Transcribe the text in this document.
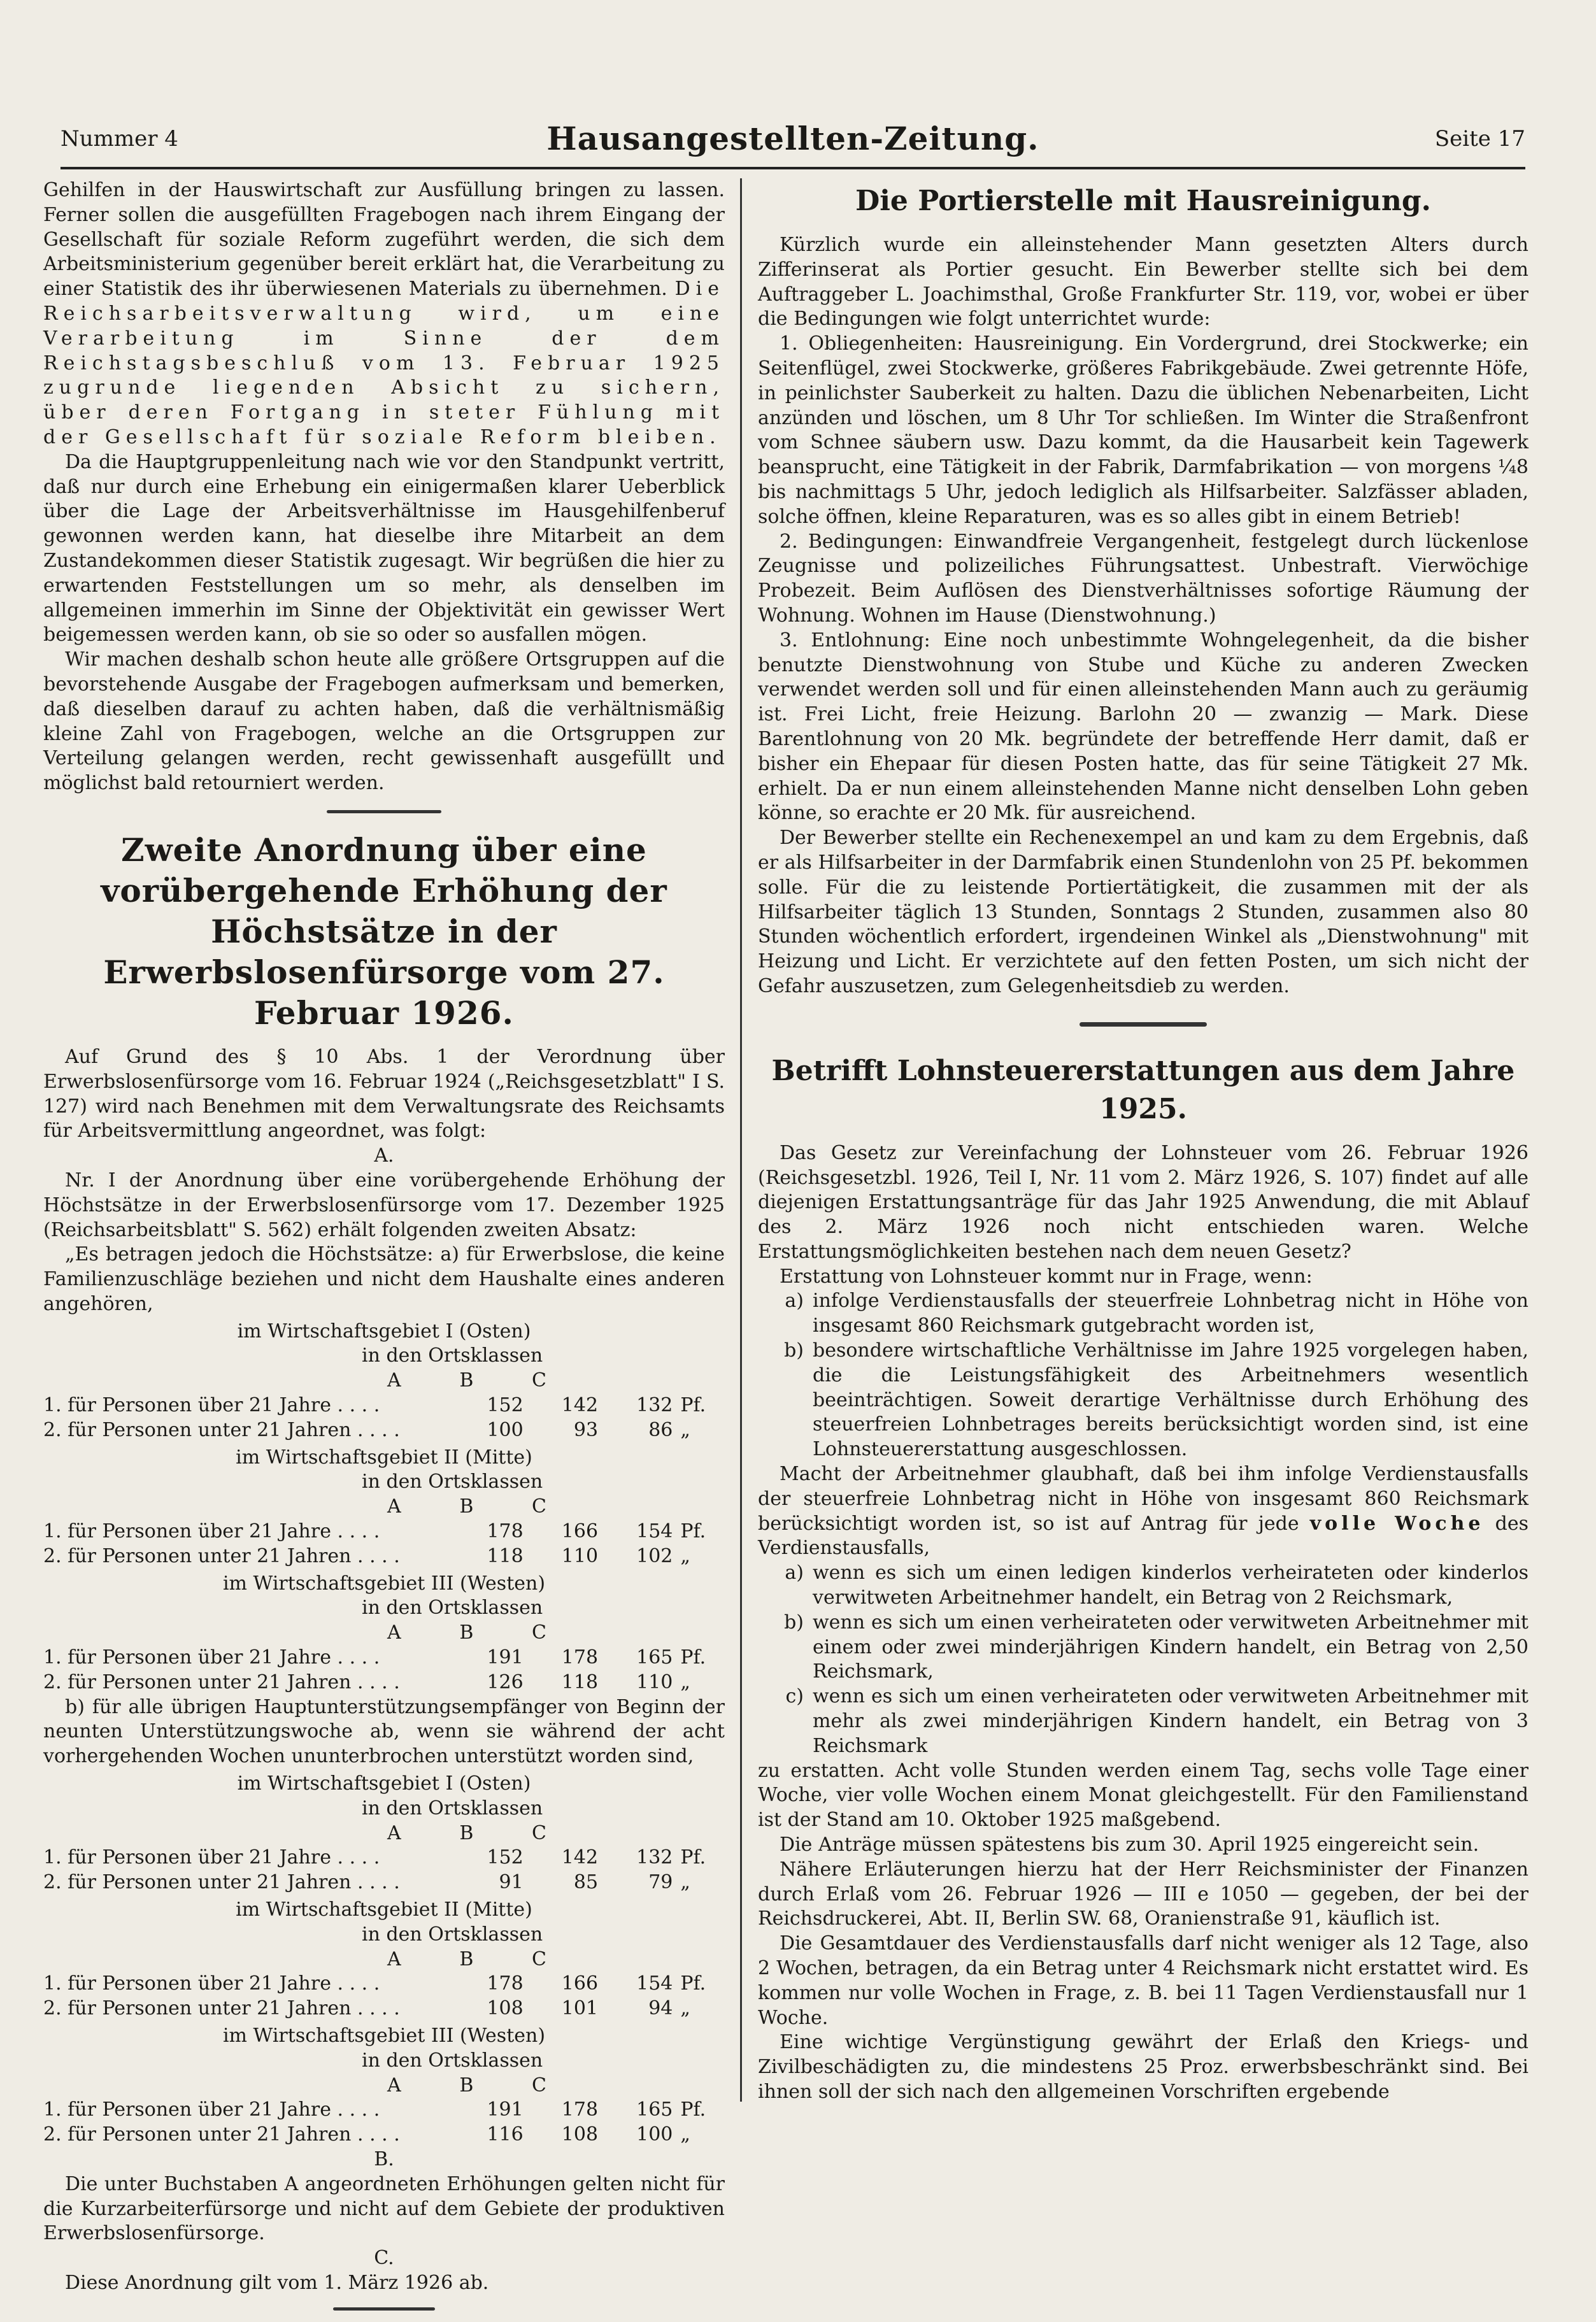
Nummer 4	Hausangestellten-Zeitung.	Seite 17

Gehilfen in der Hauswirtschaft zur Ausfüllung bringen zu lassen. Ferner sollen die ausgefüllten Fragebogen nach ihrem Eingang der Gesellschaft für soziale Reform zugeführt werden, die sich dem Arbeitsministerium gegenüber bereit erklärt hat, die Verarbeitung zu einer Statistik des ihr überwiesenen Materials zu übernehmen. Die Reichsarbeitsverwaltung wird, um eine Verarbeitung im Sinne der dem Reichstagsbeschluß vom 13. Februar 1925 zugrunde liegenden Absicht zu sichern, über deren Fortgang in steter Fühlung mit der Gesellschaft für soziale Reform bleiben.

Da die Hauptgruppenleitung nach wie vor den Standpunkt vertritt, daß nur durch eine Erhebung ein einigermaßen klarer Ueberblick über die Lage der Arbeitsverhältnisse im Hausgehilfenberuf gewonnen werden kann, hat dieselbe ihre Mitarbeit an dem Zustandekommen dieser Statistik zugesagt. Wir begrüßen die hier zu erwartenden Feststellungen um so mehr, als denselben im allgemeinen immerhin im Sinne der Objektivität ein gewisser Wert beigemessen werden kann, ob sie so oder so ausfallen mögen.

Wir machen deshalb schon heute alle größere Ortsgruppen auf die bevorstehende Ausgabe der Fragebogen aufmerksam und bemerken, daß dieselben darauf zu achten haben, daß die verhältnismäßig kleine Zahl von Fragebogen, welche an die Ortsgruppen zur Verteilung gelangen werden, recht gewissenhaft ausgefüllt und möglichst bald retourniert werden.

Zweite Anordnung über eine vorübergehende Erhöhung der Höchstsätze in der Erwerbslosenfürsorge vom 27. Februar 1926.

Auf Grund des § 10 Abs. 1 der Verordnung über Erwerbslosenfürsorge vom 16. Februar 1924 („Reichsgesetzblatt" I S. 127) wird nach Benehmen mit dem Verwaltungsrate des Reichsamts für Arbeitsvermittlung angeordnet, was folgt:

A.

Nr. I der Anordnung über eine vorübergehende Erhöhung der Höchstsätze in der Erwerbslosenfürsorge vom 17. Dezember 1925 (Reichsarbeitsblatt" S. 562) erhält folgenden zweiten Absatz:

„Es betragen jedoch die Höchstsätze: a) für Erwerbslose, die keine Familienzuschläge beziehen und nicht dem Haushalte eines anderen angehören,

im Wirtschaftsgebiet I (Osten)
in den Ortsklassen
A	B	C
1. für Personen über 21 Jahre . . . .	152	142	132 Pf.
2. für Personen unter 21 Jahren . . . .	100	93	86 „
im Wirtschaftsgebiet II (Mitte)
in den Ortsklassen
A	B	C
1. für Personen über 21 Jahre . . . .	178	166	154 Pf.
2. für Personen unter 21 Jahren . . . .	118	110	102 „
im Wirtschaftsgebiet III (Westen)
in den Ortsklassen
A	B	C
1. für Personen über 21 Jahre . . . .	191	178	165 Pf.
2. für Personen unter 21 Jahren . . . .	126	118	110 „

b) für alle übrigen Hauptunterstützungsempfänger von Beginn der neunten Unterstützungswoche ab, wenn sie während der acht vorhergehenden Wochen ununterbrochen unterstützt worden sind,

im Wirtschaftsgebiet I (Osten)
in den Ortsklassen
A	B	C
1. für Personen über 21 Jahre . . . .	152	142	132 Pf.
2. für Personen unter 21 Jahren . . . .	91	85	79 „
im Wirtschaftsgebiet II (Mitte)
in den Ortsklassen
A	B	C
1. für Personen über 21 Jahre . . . .	178	166	154 Pf.
2. für Personen unter 21 Jahren . . . .	108	101	94 „
im Wirtschaftsgebiet III (Westen)
in den Ortsklassen
A	B	C
1. für Personen über 21 Jahre . . . .	191	178	165 Pf.
2. für Personen unter 21 Jahren . . . .	116	108	100 „
B.

Die unter Buchstaben A angeordneten Erhöhungen gelten nicht für die Kurzarbeiterfürsorge und nicht auf dem Gebiete der produktiven Erwerbslosenfürsorge.

C.

Diese Anordnung gilt vom 1. März 1926 ab.

Die Portierstelle mit Hausreinigung.

Kürzlich wurde ein alleinstehender Mann gesetzten Alters durch Zifferinserat als Portier gesucht. Ein Bewerber stellte sich bei dem Auftraggeber L. Joachimsthal, Große Frankfurter Str. 119, vor, wobei er über die Bedingungen wie folgt unterrichtet wurde:

1. Obliegenheiten: Hausreinigung. Ein Vordergrund, drei Stockwerke; ein Seitenflügel, zwei Stockwerke, größeres Fabrikgebäude. Zwei getrennte Höfe, in peinlichster Sauberkeit zu halten. Dazu die üblichen Nebenarbeiten, Licht anzünden und löschen, um 8 Uhr Tor schließen. Im Winter die Straßenfront vom Schnee säubern usw. Dazu kommt, da die Hausarbeit kein Tagewerk beansprucht, eine Tätigkeit in der Fabrik, Darmfabrikation — von morgens ¼8 bis nachmittags 5 Uhr, jedoch lediglich als Hilfsarbeiter. Salzfässer abladen, solche öffnen, kleine Reparaturen, was es so alles gibt in einem Betrieb!

2. Bedingungen: Einwandfreie Vergangenheit, festgelegt durch lückenlose Zeugnisse und polizeiliches Führungsattest. Unbestraft. Vierwöchige Probezeit. Beim Auflösen des Dienstverhältnisses sofortige Räumung der Wohnung. Wohnen im Hause (Dienstwohnung.)

3. Entlohnung: Eine noch unbestimmte Wohngelegenheit, da die bisher benutzte Dienstwohnung von Stube und Küche zu anderen Zwecken verwendet werden soll und für einen alleinstehenden Mann auch zu geräumig ist. Frei Licht, freie Heizung. Barlohn 20 — zwanzig — Mark. Diese Barentlohnung von 20 Mk. begründete der betreffende Herr damit, daß er bisher ein Ehepaar für diesen Posten hatte, das für seine Tätigkeit 27 Mk. erhielt. Da er nun einem alleinstehenden Manne nicht denselben Lohn geben könne, so erachte er 20 Mk. für ausreichend.

Der Bewerber stellte ein Rechenexempel an und kam zu dem Ergebnis, daß er als Hilfsarbeiter in der Darmfabrik einen Stundenlohn von 25 Pf. bekommen solle. Für die zu leistende Portiertätigkeit, die zusammen mit der als Hilfsarbeiter täglich 13 Stunden, Sonntags 2 Stunden, zusammen also 80 Stunden wöchentlich erfordert, irgendeinen Winkel als „Dienstwohnung" mit Heizung und Licht. Er verzichtete auf den fetten Posten, um sich nicht der Gefahr auszusetzen, zum Gelegenheitsdieb zu werden.

Betrifft Lohnsteuererstattungen aus dem Jahre 1925.

Das Gesetz zur Vereinfachung der Lohnsteuer vom 26. Februar 1926 (Reichsgesetzbl. 1926, Teil I, Nr. 11 vom 2. März 1926, S. 107) findet auf alle diejenigen Erstattungsanträge für das Jahr 1925 Anwendung, die mit Ablauf des 2. März 1926 noch nicht entschieden waren. Welche Erstattungsmöglichkeiten bestehen nach dem neuen Gesetz?

Erstattung von Lohnsteuer kommt nur in Frage, wenn:

a) infolge Verdienstausfalls der steuerfreie Lohnbetrag nicht in Höhe von insgesamt 860 Reichsmark gutgebracht worden ist,
b) besondere wirtschaftliche Verhältnisse im Jahre 1925 vorgelegen haben, die die Leistungsfähigkeit des Arbeitnehmers wesentlich beeinträchtigen. Soweit derartige Verhältnisse durch Erhöhung des steuerfreien Lohnbetrages bereits berücksichtigt worden sind, ist eine Lohnsteuererstattung ausgeschlossen.

Macht der Arbeitnehmer glaubhaft, daß bei ihm infolge Verdienstausfalls der steuerfreie Lohnbetrag nicht in Höhe von insgesamt 860 Reichsmark berücksichtigt worden ist, so ist auf Antrag für jede volle Woche des Verdienstausfalls,

a) wenn es sich um einen ledigen kinderlos verheirateten oder kinderlos verwitweten Arbeitnehmer handelt, ein Betrag von 2 Reichsmark,
b) wenn es sich um einen verheirateten oder verwitweten Arbeitnehmer mit einem oder zwei minderjährigen Kindern handelt, ein Betrag von 2,50 Reichsmark,
c) wenn es sich um einen verheirateten oder verwitweten Arbeitnehmer mit mehr als zwei minderjährigen Kindern handelt, ein Betrag von 3 Reichsmark

zu erstatten. Acht volle Stunden werden einem Tag, sechs volle Tage einer Woche, vier volle Wochen einem Monat gleichgestellt. Für den Familienstand ist der Stand am 10. Oktober 1925 maßgebend.

Die Anträge müssen spätestens bis zum 30. April 1925 eingereicht sein.

Nähere Erläuterungen hierzu hat der Herr Reichsminister der Finanzen durch Erlaß vom 26. Februar 1926 — III e 1050 — gegeben, der bei der Reichsdruckerei, Abt. II, Berlin SW. 68, Oranienstraße 91, käuflich ist.

Die Gesamtdauer des Verdienstausfalls darf nicht weniger als 12 Tage, also 2 Wochen, betragen, da ein Betrag unter 4 Reichsmark nicht erstattet wird. Es kommen nur volle Wochen in Frage, z. B. bei 11 Tagen Verdienstausfall nur 1 Woche.

Eine wichtige Vergünstigung gewährt der Erlaß den Kriegs- und Zivilbeschädigten zu, die mindestens 25 Proz. erwerbsbeschränkt sind. Bei ihnen soll der sich nach den allgemeinen Vorschriften ergebende
